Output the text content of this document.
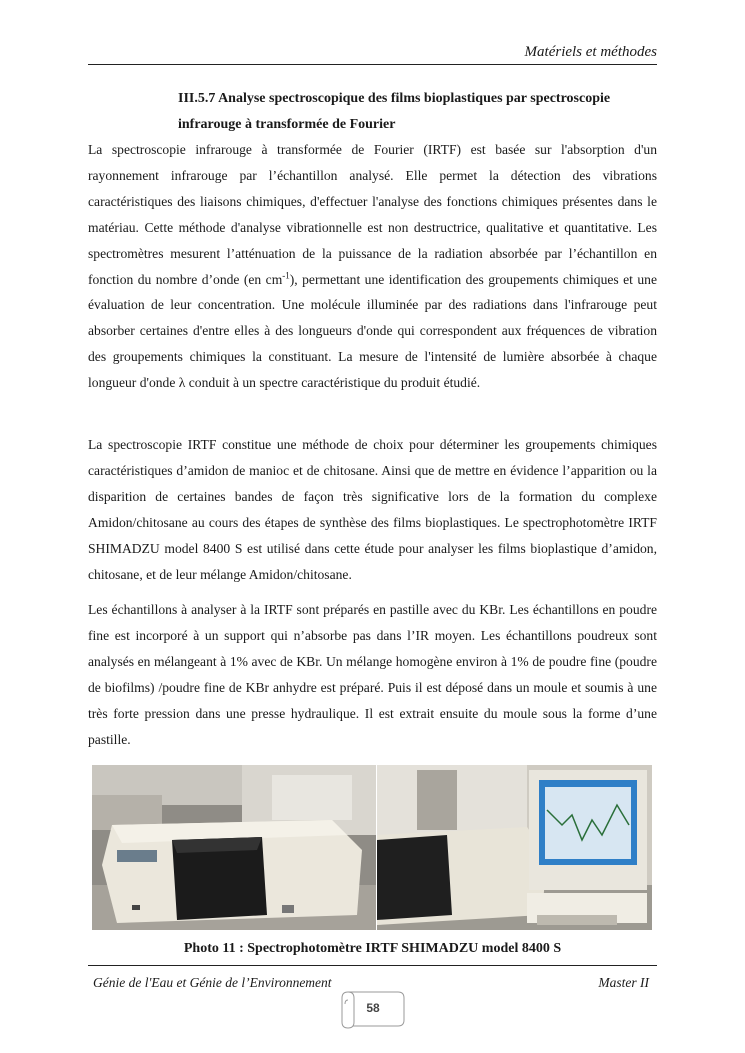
Matériels et méthodes
III.5.7 Analyse spectroscopique des films bioplastiques par spectroscopie
infrarouge à transformée de Fourier

La spectroscopie infrarouge à transformée de Fourier (IRTF) est basée sur l'absorption d'un rayonnement infrarouge par l’échantillon analysé. Elle permet la détection des vibrations caractéristiques des liaisons chimiques, d'effectuer l'analyse des fonctions chimiques présentes dans le matériau. Cette méthode d'analyse vibrationnelle est non destructrice, qualitative et quantitative. Les spectromètres mesurent l’atténuation de la puissance de la radiation absorbée par l’échantillon en fonction du nombre d’onde (en $cm^{-1}$), permettant une identification des groupements chimiques et une évaluation de leur concentration. Une molécule illuminée par des radiations dans l'infrarouge peut absorber certaines d'entre elles à des longueurs d'onde qui correspondent aux fréquences de vibration des groupements chimiques la constituant. La mesure de l'intensité de lumière absorbée à chaque longueur d'onde λ conduit à un spectre caractéristique du produit étudié.

La spectroscopie IRTF constitue une méthode de choix pour déterminer les groupements chimiques caractéristiques d’amidon de manioc et de chitosane. Ainsi que de mettre en évidence l’apparition ou la disparition de certaines bandes de façon très significative lors de la formation du complexe Amidon/chitosane au cours des étapes de synthèse des films bioplastiques. Le spectrophotomètre IRTF SHIMADZU model 8400 S est utilisé dans cette étude pour analyser les films bioplastique d’amidon, chitosane, et de leur mélange Amidon/chitosane.

Les échantillons à analyser à la IRTF sont préparés en pastille avec du KBr. Les échantillons en poudre fine est incorporé à un support qui n’absorbe pas dans l’IR moyen. Les échantillons poudreux sont analysés en mélangeant à 1% avec de KBr. Un mélange homogène environ à 1% de poudre fine (poudre de biofilms) /poudre fine de KBr anhydre est préparé. Puis il est déposé dans un moule et soumis à une très forte pression dans une presse hydraulique. Il est extrait ensuite du moule sous la forme d’une pastille.

Photo 11 : Spectrophotomètre IRTF SHIMADZU model 8400 S
Génie de l'Eau et Génie de l’Environnement	Master II
58
